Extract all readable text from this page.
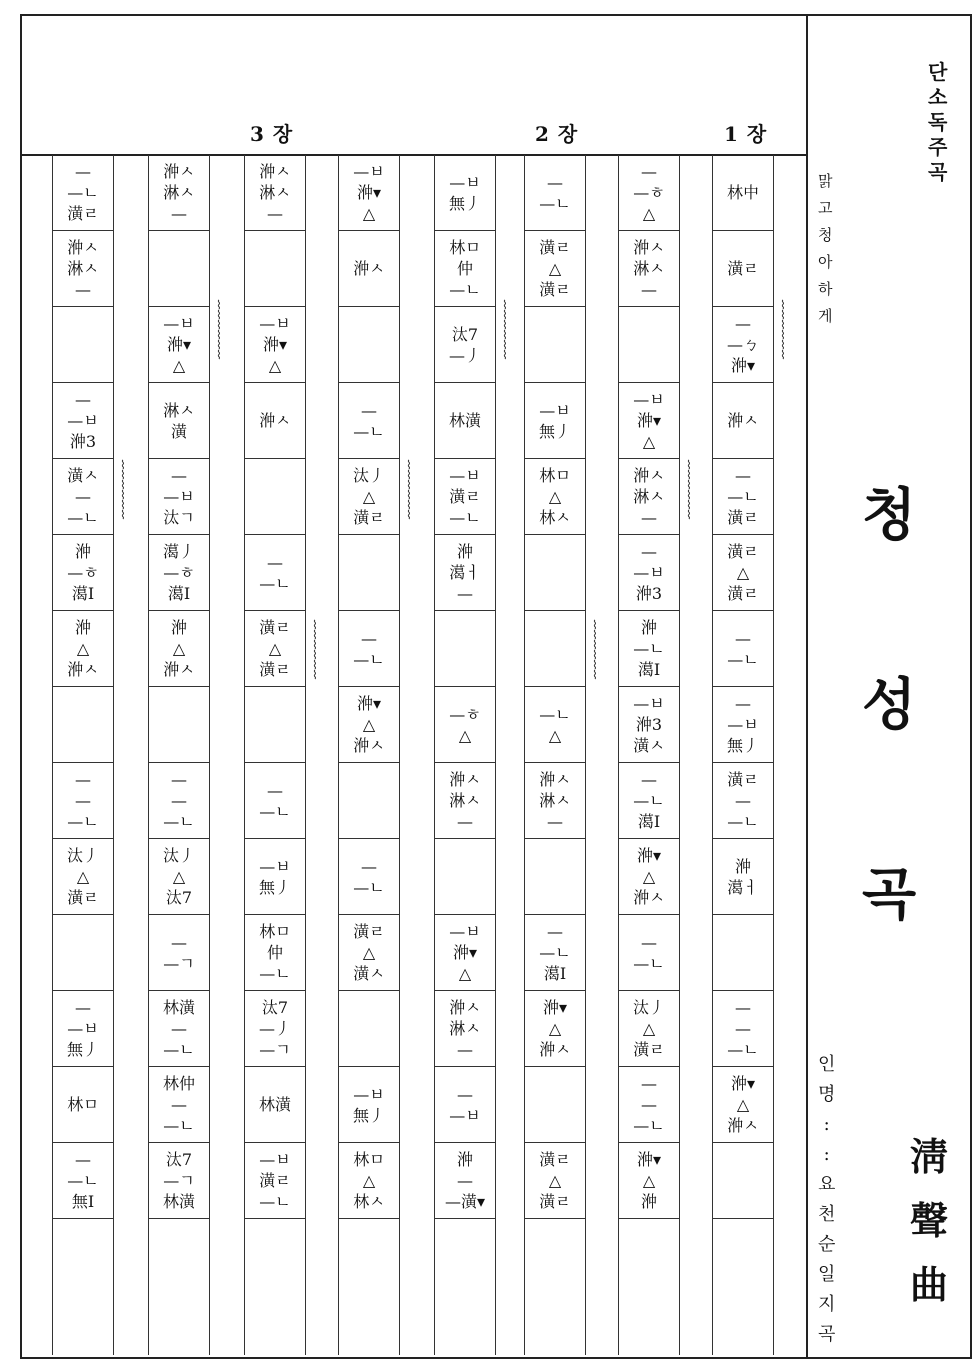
3 장	2 장	1 장
林㆗
潢ㄹ
—
—ㄅ
㳞▾
㳞ㅅ
—
—ㄴ
潢ㄹ
潢ㄹ
△
潢ㄹ
—
—ㄴ
—
—ㅂ
無丿
潢ㄹ
—
—ㄴ
㳞
㵧ㅓ
—
—
—ㄴ
㳞▾
△
㳞ㅅ
—
—ㅎ
△
㳞ㅅ
淋ㅅ
—
—ㅂ
㳞▾
△
㳞ㅅ
淋ㅅ
—
—
—ㅂ
㳞3
㳞
—ㄴ
㵧I
—ㅂ
㳞3
潢ㅅ
—
—ㄴ
㵧I
㳞▾
△
㳞ㅅ
—
—ㄴ
汰丿
△
潢ㄹ
—
—
—ㄴ
㳞▾
△
㳞
—
—ㄴ
潢ㄹ
△
潢ㄹ
—ㅂ
無丿
林ㅁ
△
林ㅅ
—ㄴ
△
㳞ㅅ
淋ㅅ
—
—
—ㄴ
㵧I
㳞▾
△
㳞ㅅ
潢ㄹ
△
潢ㄹ
—ㅂ
無丿
林ㅁ
仲
—ㄴ
汰7
—丿
林潢
—ㅂ
潢ㄹ
—ㄴ
㳞
㵧ㅓ
—
—ㅎ
△
㳞ㅅ
淋ㅅ
—
—ㅂ
㳞▾
△
㳞ㅅ
淋ㅅ
—
—
—ㅂ
㳞
—
—潢▾
—ㅂ
㳞▾
△
㳞ㅅ
—
—ㄴ
汰丿
△
潢ㄹ
—
—ㄴ
㳞▾
△
㳞ㅅ
—
—ㄴ
潢ㄹ
△
潢ㅅ
—ㅂ
無丿
林ㅁ
△
林ㅅ
㳞ㅅ
淋ㅅ
—
—ㅂ
㳞▾
△
㳞ㅅ
—
—ㄴ
潢ㄹ
△
潢ㄹ
—
—ㄴ
—ㅂ
無丿
林ㅁ
仲
—ㄴ
汰7
—丿
—ㄱ
林潢
—ㅂ
潢ㄹ
—ㄴ
㳞ㅅ
淋ㅅ
—
—ㅂ
㳞▾
△
淋ㅅ
潢
—
—ㅂ
汰ㄱ
㵧丿
—ㅎ
㵧I
㳞
△
㳞ㅅ
—
—
—ㄴ
汰丿
△
汰7
—
—ㄱ
林潢
—
—ㄴ
林仲
—
—ㄴ
汰7
—ㄱ
林潢
—
—ㄴ
潢ㄹ
㳞ㅅ
淋ㅅ
—
—
—ㅂ
㳞3
潢ㅅ
—
—ㄴ
㳞
—ㅎ
㵧I
㳞
△
㳞ㅅ
—
—
—ㄴ
汰丿
△
潢ㄹ
—
—ㅂ
無丿
林ㅁ
—
—ㄴ
無I
단
소
독
주
곡
맑
고
청
아
하
게
청
성
곡
淸
聲
曲
인
명
:
:
요
천
순
일
지
곡
⌇
⌇
⌇
⌇
⌇
⌇
⌇
⌇
⌇
⌇
⌇
⌇
⌇
⌇
⌇
⌇
⌇
⌇
⌇
⌇
⌇
⌇
⌇
⌇
⌇
⌇
⌇
⌇
⌇
⌇
⌇
⌇
⌇
⌇
⌇
⌇
⌇
⌇
⌇
⌇
⌇
⌇
⌇
⌇
⌇
⌇
⌇
⌇
